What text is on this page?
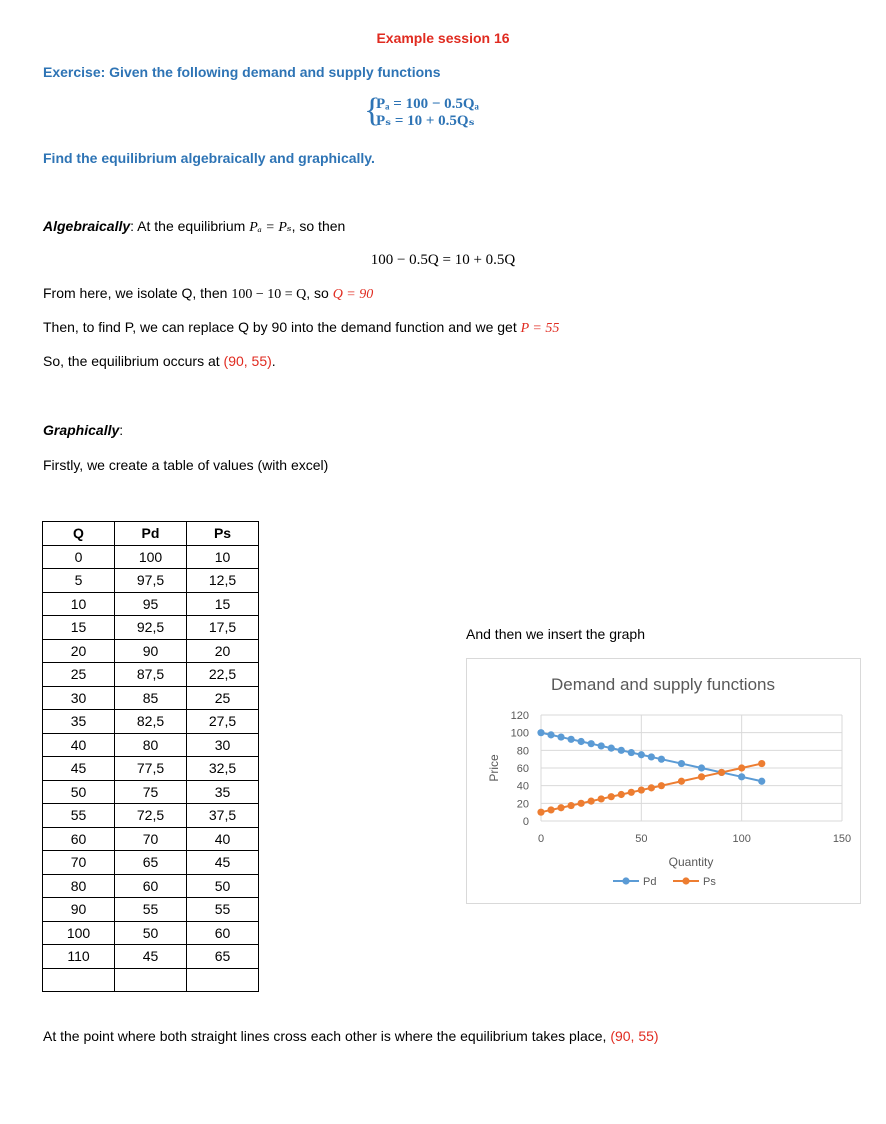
Example session 16
Exercise: Given the following demand and supply functions
{
Pₐ = 100 − 0.5Qₐ
Pₛ = 10 + 0.5Qₛ
Find the equilibrium algebraically and graphically.
Algebraically: At the equilibrium Pₐ = Pₛ, so then
100 − 0.5Q = 10 + 0.5Q
From here, we isolate Q, then 100 − 10 = Q, so Q = 90
Then, to find P, we can replace Q by 90 into the demand function and we get P = 55
So, the equilibrium occurs at (90, 55).
Graphically:
Firstly, we create a table of values (with excel)
Q	Pd	Ps
0	100	10
5	97,5	12,5
10	95	15
15	92,5	17,5
20	90	20
25	87,5	22,5
30	85	25
35	82,5	27,5
40	80	30
45	77,5	32,5
50	75	35
55	72,5	37,5
60	70	40
70	65	45
80	60	50
90	55	55
100	50	60
110	45	65

And then we insert the graph
Demand and supply functions
0
20
40
60
80
100
120
0	50	100	150
Quantity
Price
Pd	Ps
At the point where both straight lines cross each other is where the equilibrium takes place, (90, 55)
